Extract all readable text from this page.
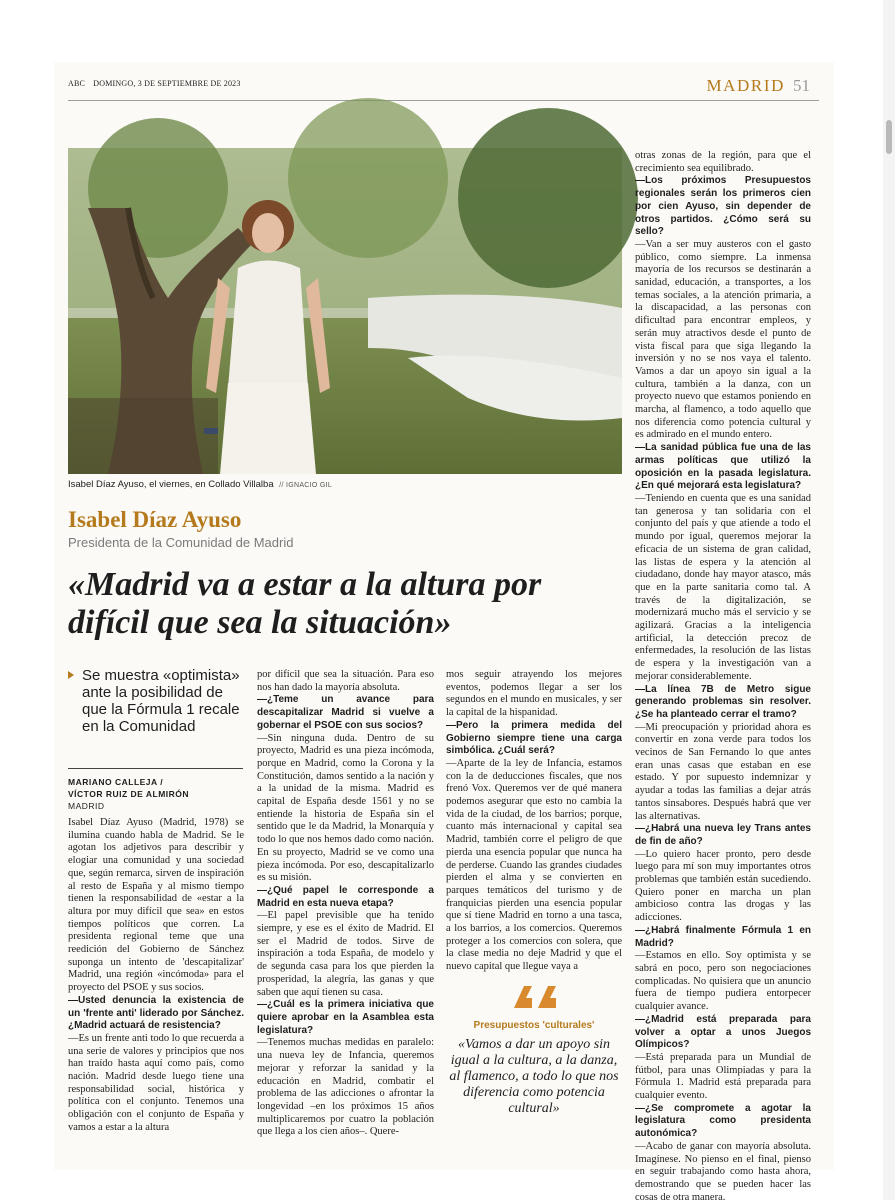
ABC DOMINGO, 3 DE SEPTIEMBRE DE 2023	MADRID 51
Isabel Díaz Ayuso, el viernes, en Collado Villalba // IGNACIO GIL
Isabel Díaz Ayuso
Presidenta de la Comunidad de Madrid
«Madrid va a estar a la altura por difícil que sea la situación»

Se muestra «optimista» ante la posibilidad de que la Fórmula 1 recale en la Comunidad

MARIANO CALLEJA /
VÍCTOR RUIZ DE ALMIRÓN
MADRID

Isabel Díaz Ayuso (Madrid, 1978) se ilumina cuando habla de Madrid. Se le agotan los adjetivos para describir y elogiar una comunidad y una sociedad que, según remarca, sirven de inspiración al resto de España y al mismo tiempo tienen la responsabilidad de «estar a la altura por muy difícil que sea» en estos tiempos políticos que corren. La presidenta regional teme que una reedición del Gobierno de Sánchez suponga un intento de 'descapitalizar' Madrid, una región «incómoda» para el proyecto del PSOE y sus socios.

—Usted denuncia la existencia de un 'frente anti' liderado por Sánchez. ¿Madrid actuará de resistencia?

—Es un frente anti todo lo que recuerda a una serie de valores y principios que nos han traído hasta aquí como país, como nación. Madrid desde luego tiene una responsabilidad social, histórica y política con el conjunto. Tenemos una obligación con el conjunto de España y vamos a estar a la altura

por difícil que sea la situación. Para eso nos han dado la mayoría absoluta.

—¿Teme un avance para descapitalizar Madrid si vuelve a gobernar el PSOE con sus socios?

—Sin ninguna duda. Dentro de su proyecto, Madrid es una pieza incómoda, porque en Madrid, como la Corona y la Constitución, damos sentido a la nación y a la unidad de la misma. Madrid es capital de España desde 1561 y no se entiende la historia de España sin el sentido que le da Madrid, la Monarquía y todo lo que nos hemos dado como nación. En su proyecto, Madrid se ve como una pieza incómoda. Por eso, descapitalizarlo es su misión.

—¿Qué papel le corresponde a Madrid en esta nueva etapa?

—El papel previsible que ha tenido siempre, y ese es el éxito de Madrid. El ser el Madrid de todos. Sirve de inspiración a toda España, de modelo y de segunda casa para los que pierden la prosperidad, la alegría, las ganas y que saben que aquí tienen su casa.

—¿Cuál es la primera iniciativa que quiere aprobar en la Asamblea esta legislatura?

—Tenemos muchas medidas en paralelo: una nueva ley de Infancia, queremos mejorar y reforzar la sanidad y la educación en Madrid, combatir el problema de las adicciones o afrontar la longevidad –en los próximos 15 años multiplicaremos por cuatro la población que llega a los cien años–. Quere-

mos seguir atrayendo los mejores eventos, podemos llegar a ser los segundos en el mundo en musicales, y ser la capital de la hispanidad.

—Pero la primera medida del Gobierno siempre tiene una carga simbólica. ¿Cuál será?

—Aparte de la ley de Infancia, estamos con la de deducciones fiscales, que nos frenó Vox. Queremos ver de qué manera podemos asegurar que esto no cambia la vida de la ciudad, de los barrios; porque, cuanto más internacional y capital sea Madrid, también corre el peligro de que pierda una esencia popular que nunca ha de perderse. Cuando las grandes ciudades pierden el alma y se convierten en parques temáticos del turismo y de franquicias pierden una esencia popular que sí tiene Madrid en torno a una tasca, a los barrios, a los comercios. Queremos proteger a los comercios con solera, que la clase media no deje Madrid y que el nuevo capital que llegue vaya a

otras zonas de la región, para que el crecimiento sea equilibrado.

—Los próximos Presupuestos regionales serán los primeros cien por cien Ayuso, sin depender de otros partidos. ¿Cómo será su sello?

—Van a ser muy austeros con el gasto público, como siempre. La inmensa mayoría de los recursos se destinarán a sanidad, educación, a transportes, a los temas sociales, a la atención primaria, a la discapacidad, a las personas con dificultad para encontrar empleos, y serán muy atractivos desde el punto de vista fiscal para que siga llegando la inversión y no se nos vaya el talento. Vamos a dar un apoyo sin igual a la cultura, también a la danza, con un proyecto nuevo que estamos poniendo en marcha, al flamenco, a todo aquello que nos diferencia como potencia cultural y es admirado en el mundo entero.

—La sanidad pública fue una de las armas políticas que utilizó la oposición en la pasada legislatura. ¿En qué mejorará esta legislatura?

—Teniendo en cuenta que es una sanidad tan generosa y tan solidaria con el conjunto del país y que atiende a todo el mundo por igual, queremos mejorar la eficacia de un sistema de gran calidad, las listas de espera y la atención al ciudadano, donde hay mayor atasco, más que en la parte sanitaria como tal. A través de la digitalización, se modernizará mucho más el servicio y se agilizará. Gracias a la inteligencia artificial, la detección precoz de enfermedades, la resolución de las listas de espera y la investigación van a mejorar considerablemente.

—La línea 7B de Metro sigue generando problemas sin resolver. ¿Se ha planteado cerrar el tramo?

—Mi preocupación y prioridad ahora es convertir en zona verde para todos los vecinos de San Fernando lo que antes eran unas casas que estaban en ese estado. Y por supuesto indemnizar y ayudar a todas las familias a dejar atrás tantos sinsabores. Después habrá que ver las alternativas.

—¿Habrá una nueva ley Trans antes de fin de año?

—Lo quiero hacer pronto, pero desde luego para mí son muy importantes otros problemas que también están sucediendo. Quiero poner en marcha un plan ambicioso contra las drogas y las adicciones.

—¿Habrá finalmente Fórmula 1 en Madrid?

—Estamos en ello. Soy optimista y se sabrá en poco, pero son negociaciones complicadas. No quisiera que un anuncio fuera de tiempo pudiera entorpecer cualquier avance.

—¿Madrid está preparada para volver a optar a unos Juegos Olímpicos?

—Está preparada para un Mundial de fútbol, para unas Olimpiadas y para la Fórmula 1. Madrid está preparada para cualquier evento.

—¿Se compromete a agotar la legislatura como presidenta autonómica?

—Acabo de ganar con mayoría absoluta. Imagínese. No pienso en el final, pienso en seguir trabajando como hasta ahora, demostrando que se pueden hacer las cosas de otra manera.

Presupuestos 'culturales'
«Vamos a dar un apoyo sin igual a la cultura, a la danza, al flamenco, a todo lo que nos diferencia como potencia cultural»
